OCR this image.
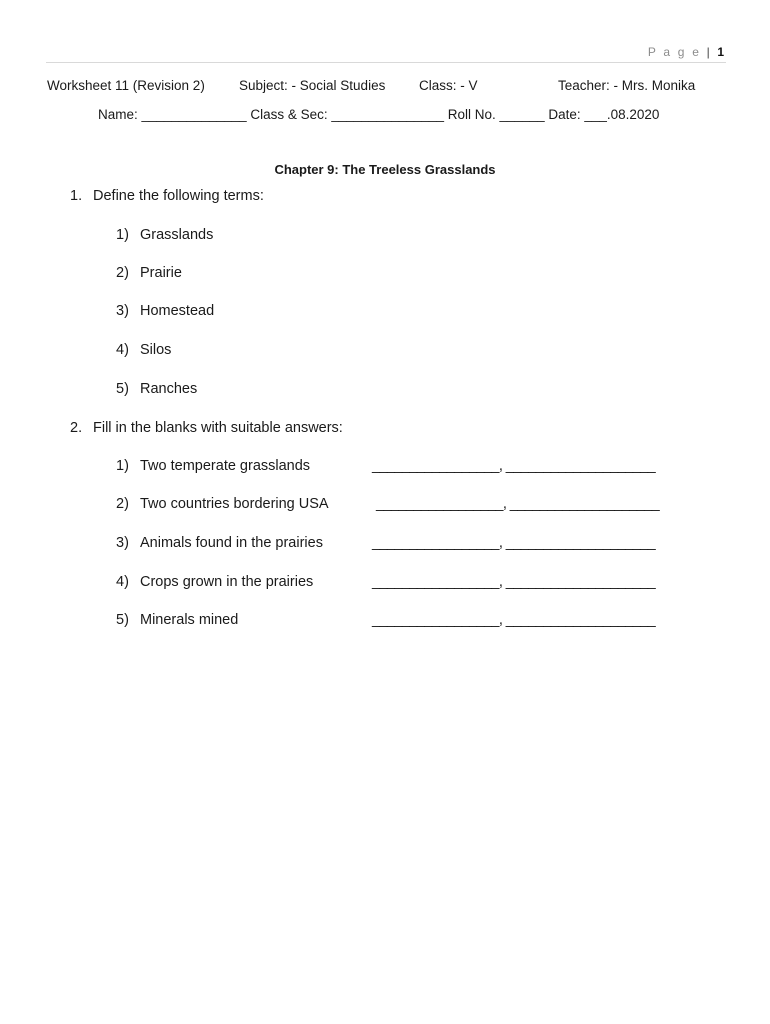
P a g e | 1
Worksheet 11 (Revision 2)	Subject: - Social Studies Class: - V	Teacher: - Mrs. Monika
Name: ______________ Class & Sec: _______________ Roll No. ______ Date: ___.08.2020
Chapter 9: The Treeless Grasslands
1. Define the following terms:
1) Grasslands
2) Prairie
3) Homestead
4) Silos
5) Ranches
2. Fill in the blanks with suitable answers:
1) Two temperate grasslands	_________________, ____________________
2) Two countries bordering USA	_________________, ____________________
3) Animals found in the prairies	_________________, ____________________
4) Crops grown in the prairies	_________________, ____________________
5) Minerals mined	_________________, ____________________
